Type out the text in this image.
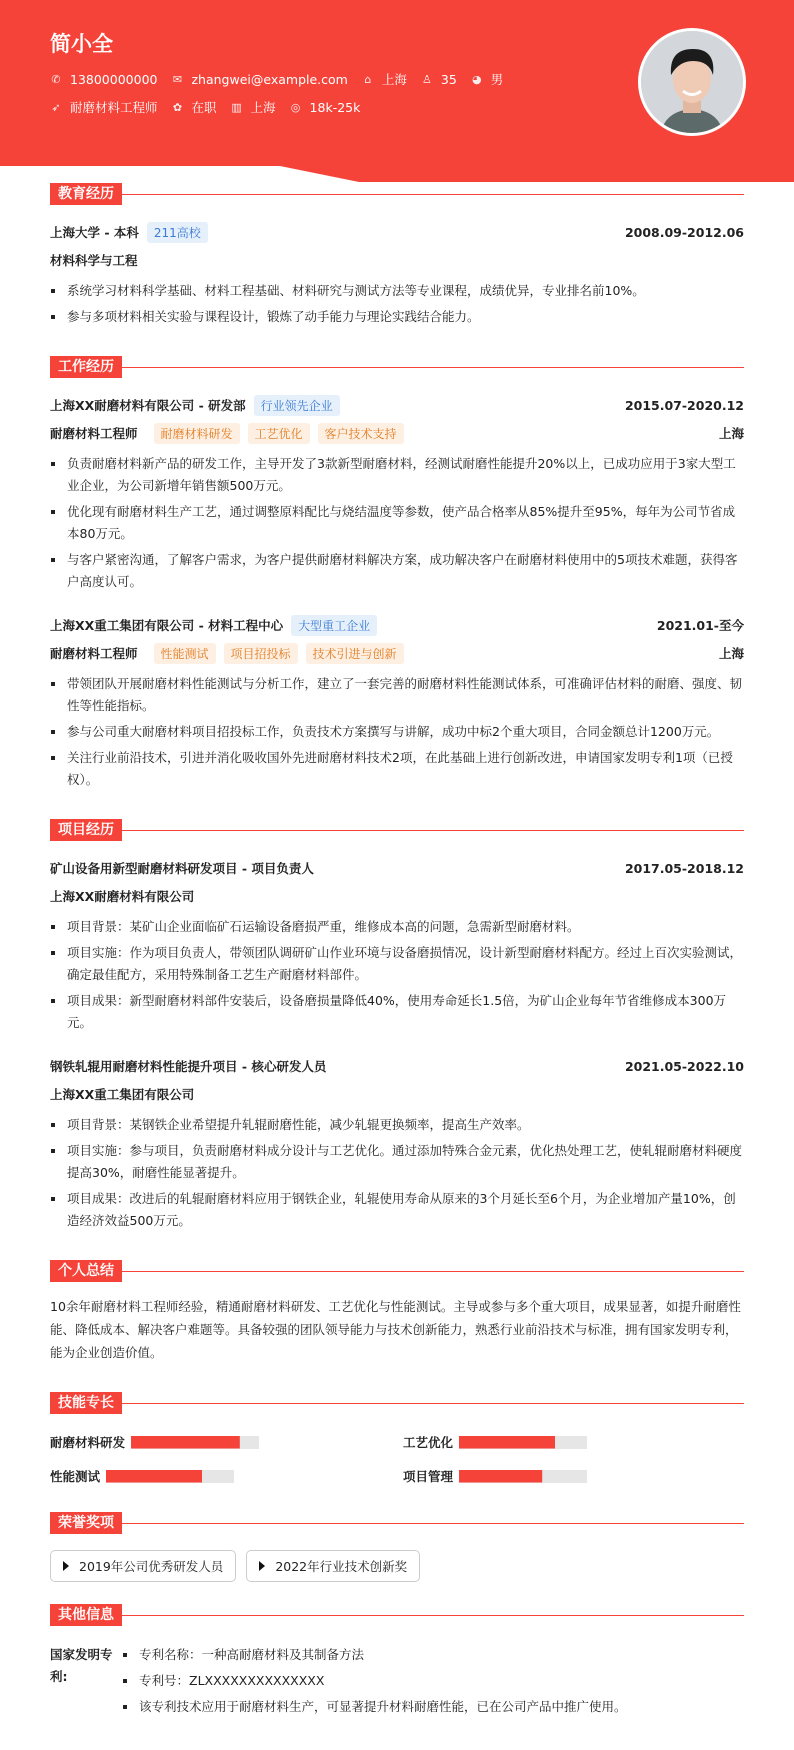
简小全
✆ 13800000000 ✉ zhangwei@example.com ⌂ 上海 ♙ 35 ◕ 男
➶ 耐磨材料工程师 ✿ 在职 ▥ 上海 ◎ 18k-25k
教育经历
上海大学 - 本科	211高校	2008.09-2012.06
材料科学与工程
系统学习材料科学基础、材料工程基础、材料研究与测试方法等专业课程，成绩优异，专业排名前10%。
参与多项材料相关实验与课程设计，锻炼了动手能力与理论实践结合能力。
工作经历
上海XX耐磨材料有限公司 - 研发部	行业领先企业	2015.07-2020.12
耐磨材料工程师	耐磨材料研发	工艺优化	客户技术支持	上海
负责耐磨材料新产品的研发工作，主导开发了3款新型耐磨材料，经测试耐磨性能提升20%以上，已成功应用于3家大型工业企业，为公司新增年销售额500万元。
优化现有耐磨材料生产工艺，通过调整原料配比与烧结温度等参数，使产品合格率从85%提升至95%，每年为公司节省成本80万元。
与客户紧密沟通，了解客户需求，为客户提供耐磨材料解决方案，成功解决客户在耐磨材料使用中的5项技术难题，获得客户高度认可。
上海XX重工集团有限公司 - 材料工程中心	大型重工企业	2021.01-至今
耐磨材料工程师	性能测试	项目招投标	技术引进与创新	上海
带领团队开展耐磨材料性能测试与分析工作，建立了一套完善的耐磨材料性能测试体系，可准确评估材料的耐磨、强度、韧性等性能指标。
参与公司重大耐磨材料项目招投标工作，负责技术方案撰写与讲解，成功中标2个重大项目，合同金额总计1200万元。
关注行业前沿技术，引进并消化吸收国外先进耐磨材料技术2项，在此基础上进行创新改进，申请国家发明专利1项（已授权）。
项目经历
矿山设备用新型耐磨材料研发项目 - 项目负责人	2017.05-2018.12
上海XX耐磨材料有限公司
项目背景：某矿山企业面临矿石运输设备磨损严重，维修成本高的问题，急需新型耐磨材料。
项目实施：作为项目负责人，带领团队调研矿山作业环境与设备磨损情况，设计新型耐磨材料配方。经过上百次实验测试，确定最佳配方，采用特殊制备工艺生产耐磨材料部件。
项目成果：新型耐磨材料部件安装后，设备磨损量降低40%，使用寿命延长1.5倍，为矿山企业每年节省维修成本300万元。
钢铁轧辊用耐磨材料性能提升项目 - 核心研发人员	2021.05-2022.10
上海XX重工集团有限公司
项目背景：某钢铁企业希望提升轧辊耐磨性能，减少轧辊更换频率，提高生产效率。
项目实施：参与项目，负责耐磨材料成分设计与工艺优化。通过添加特殊合金元素，优化热处理工艺，使轧辊耐磨材料硬度提高30%，耐磨性能显著提升。
项目成果：改进后的轧辊耐磨材料应用于钢铁企业，轧辊使用寿命从原来的3个月延长至6个月，为企业增加产量10%，创造经济效益500万元。
个人总结
10余年耐磨材料工程师经验，精通耐磨材料研发、工艺优化与性能测试。主导或参与多个重大项目，成果显著，如提升耐磨性能、降低成本、解决客户难题等。具备较强的团队领导能力与技术创新能力，熟悉行业前沿技术与标准，拥有国家发明专利，能为企业创造价值。
技能专长
耐磨材料研发	工艺优化
性能测试	项目管理
荣誉奖项
2019年公司优秀研发人员	2022年行业技术创新奖
其他信息
国家发明专利:
专利名称：一种高耐磨材料及其制备方法
专利号：ZLXXXXXXXXXXXXXX
该专利技术应用于耐磨材料生产，可显著提升材料耐磨性能，已在公司产品中推广使用。
